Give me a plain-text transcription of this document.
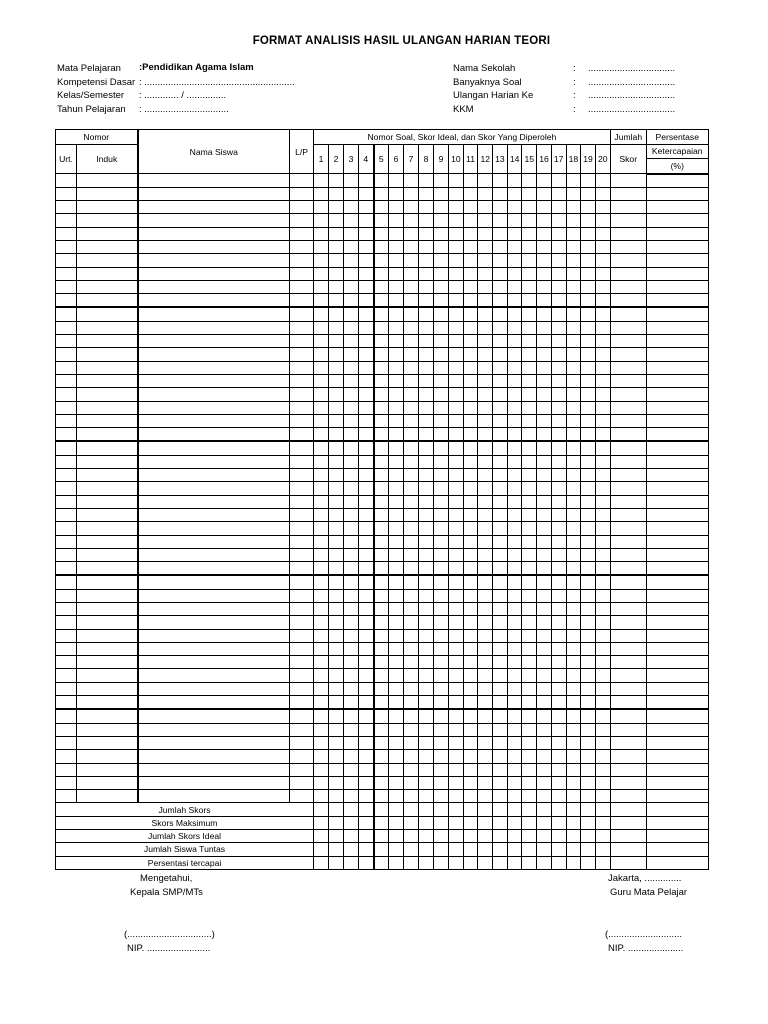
FORMAT ANALISIS HASIL ULANGAN HARIAN TEORI
Mata Pelajaran :Pendidikan Agama Islam
Kompetensi Dasar : .........................................................
Kelas/Semester : ............. / ...............
Tahun Pelajaran : ................................
Nama Sekolah	: .................................
Banyaknya Soal	: .................................
Ulangan Harian Ke	: .................................
KKM	: .................................
Nomor		Nama Siswa	L/P	Nomor Soal, Skor Ideal, dan Skor Yang Diperoleh																				Jumlah	Persentase
Urt.	Induk			1	2	3	4	5	6	7	8	9	10	11	12	13	14	15	16	17	18	19	20	Skor	Ketercapaian
																									(%)

Jumlah Skors																									
Skors Maksimum																									
Jumlah Skors Ideal																									
Jumlah Siswa Tuntas																									
Persentasi tercapai																									
Mengetahui,
Kepala SMP/MTs
(................................)
NIP. ........................
Jakarta, ..............
Guru Mata Pelajar
(............................
NIP. .....................
